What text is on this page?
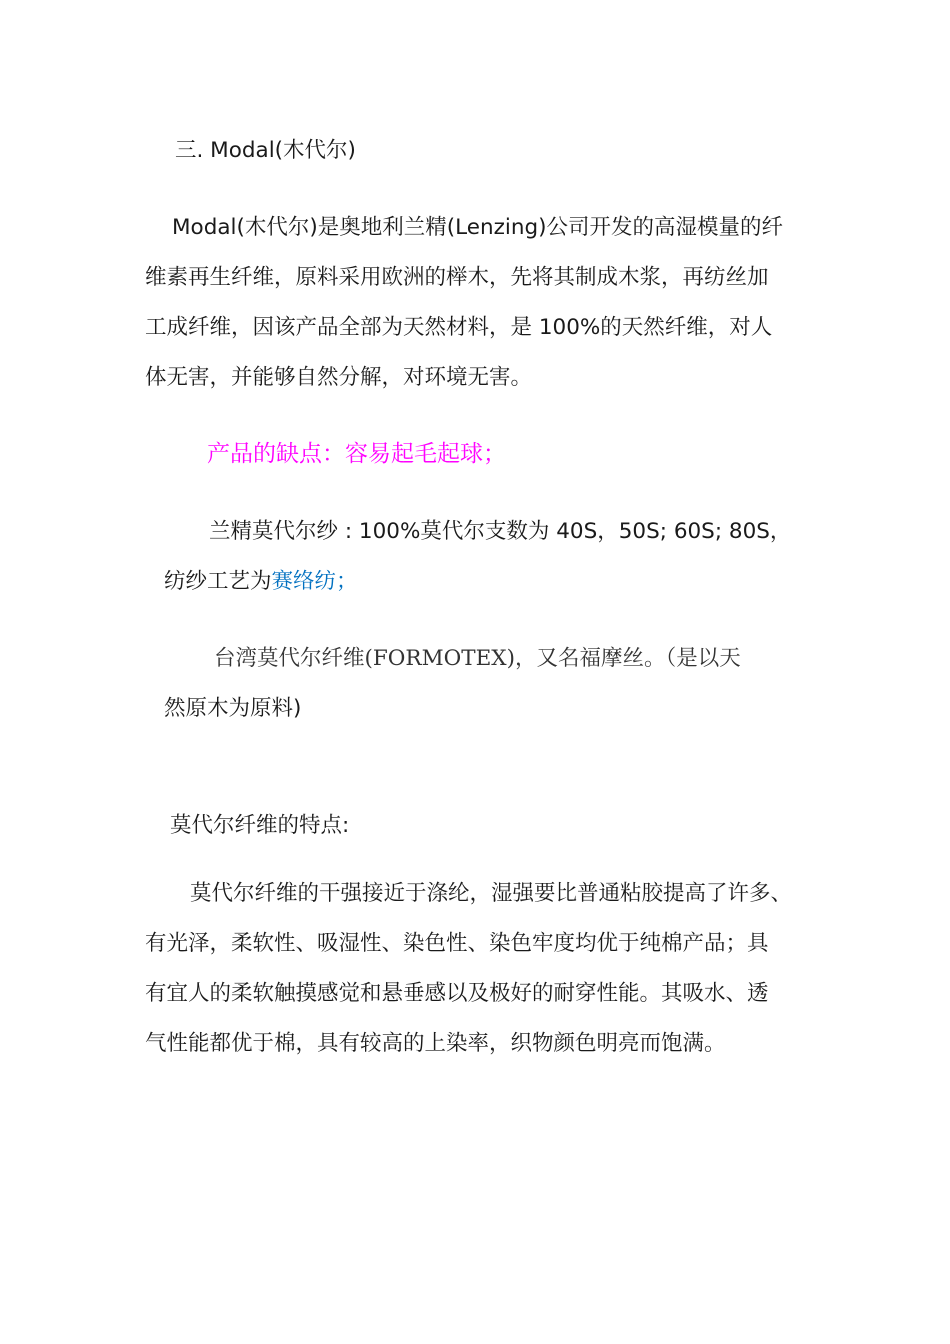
三. Modal(木代尔)
Modal(木代尔)是奥地利兰精(Lenzing)公司开发的高湿模量的纤
维素再生纤维，原料采用欧洲的榉木，先将其制成木浆，再纺丝加
工成纤维，因该产品全部为天然材料，是 100%的天然纤维，对人
体无害，并能够自然分解，对环境无害。
产品的缺点：容易起毛起球；
兰精莫代尔纱 : 100%莫代尔支数为 40S，50S; 60S; 80S，
纺纱工艺为赛络纺；
台湾莫代尔纤维(FORMOTEX)，又名福摩丝。（是以天
然原木为原料)
莫代尔纤维的特点:
莫代尔纤维的干强接近于涤纶，湿强要比普通粘胶提高了许多、
有光泽，柔软性、吸湿性、染色性、染色牢度均优于纯棉产品；具
有宜人的柔软触摸感觉和悬垂感以及极好的耐穿性能。其吸水、透
气性能都优于棉，具有较高的上染率，织物颜色明亮而饱满。
